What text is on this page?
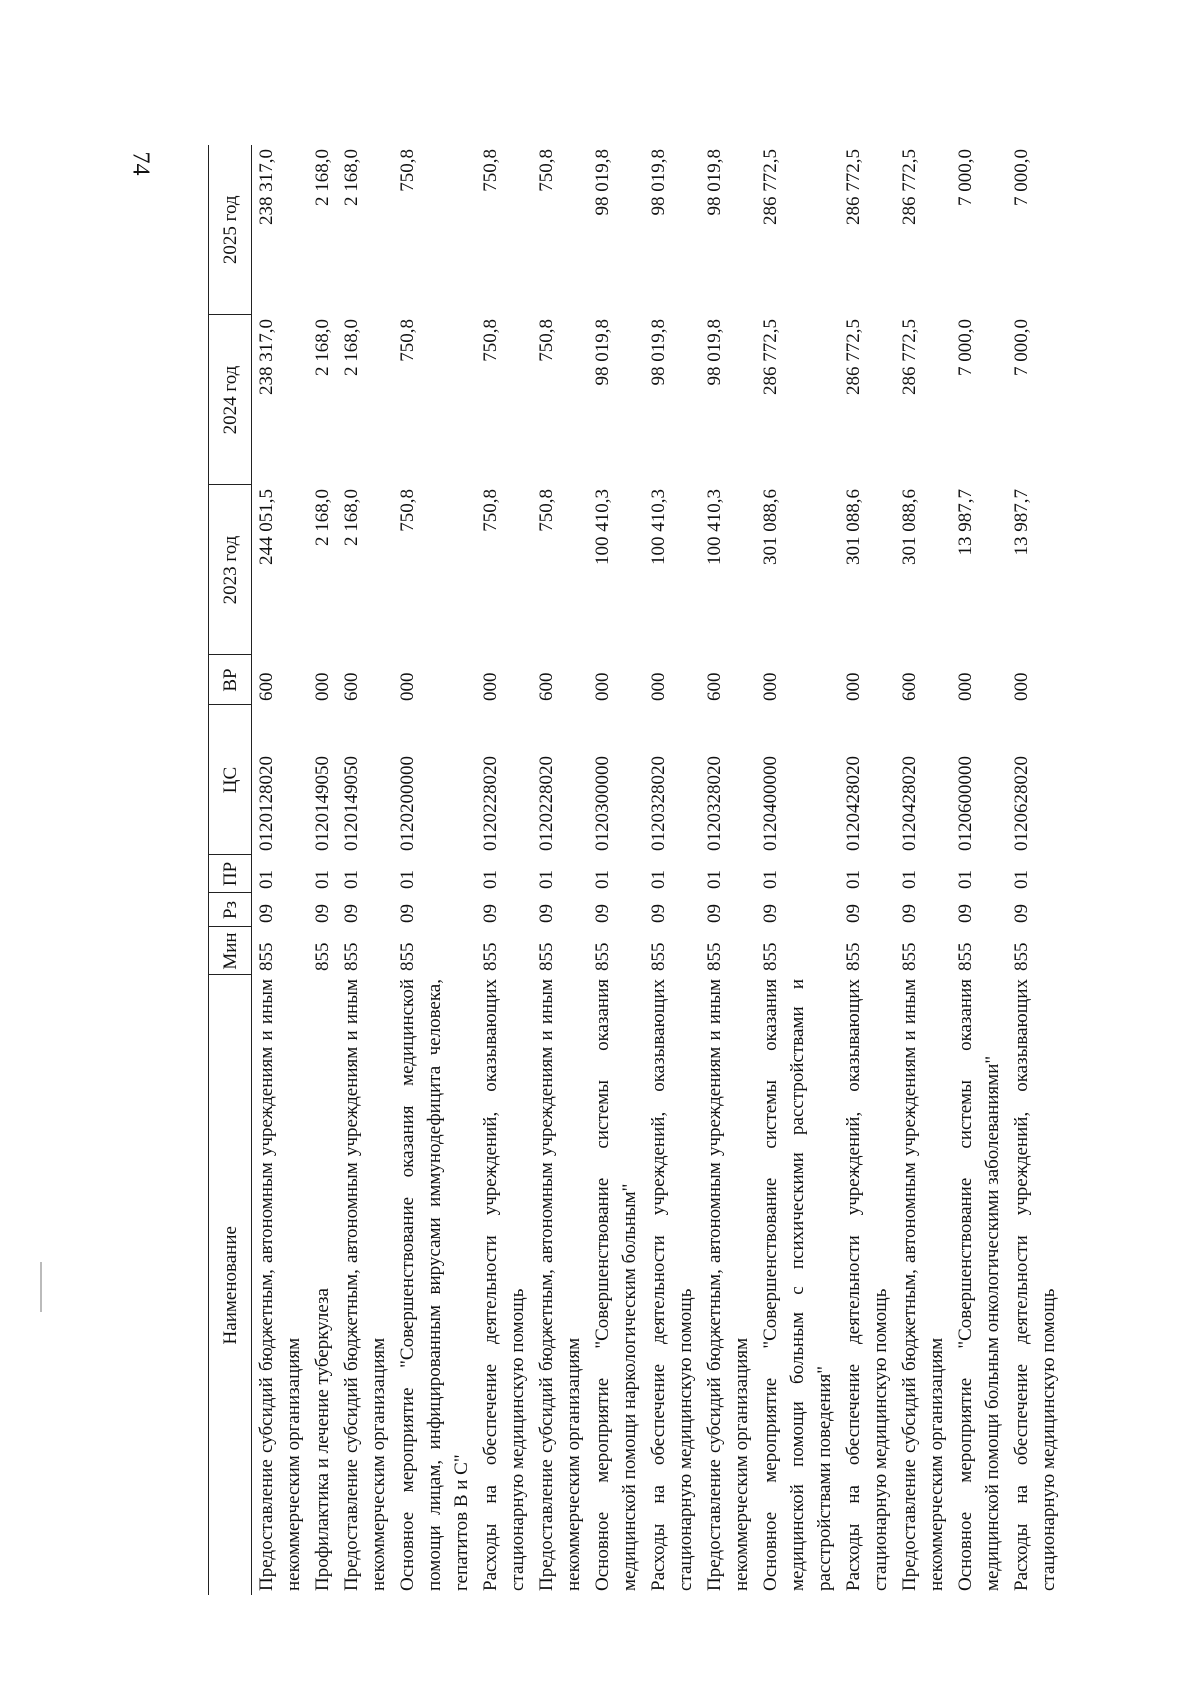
74
Наименование	Мин	Рз	ПР	ЦС	ВР	2023 год	2024 год	2025 год
Предоставление субсидий бюджетным, автономным учреждениям и иным некоммерческим организациям	855	09	01	0120128020	600	244 051,5	238 317,0	238 317,0
Профилактика и лечение туберкулеза	855	09	01	0120149050	000	2 168,0	2 168,0	2 168,0
Предоставление субсидий бюджетным, автономным учреждениям и иным некоммерческим организациям	855	09	01	0120149050	600	2 168,0	2 168,0	2 168,0
Основное мероприятие "Совершенствование оказания медицинской помощи лицам, инфицированным вирусами иммунодефицита человека, гепатитов В и С"	855	09	01	0120200000	000	750,8	750,8	750,8
Расходы на обеспечение деятельности учреждений, оказывающих стационарную медицинскую помощь	855	09	01	0120228020	000	750,8	750,8	750,8
Предоставление субсидий бюджетным, автономным учреждениям и иным некоммерческим организациям	855	09	01	0120228020	600	750,8	750,8	750,8
Основное мероприятие "Совершенствование системы оказания медицинской помощи наркологическим больным"	855	09	01	0120300000	000	100 410,3	98 019,8	98 019,8
Расходы на обеспечение деятельности учреждений, оказывающих стационарную медицинскую помощь	855	09	01	0120328020	000	100 410,3	98 019,8	98 019,8
Предоставление субсидий бюджетным, автономным учреждениям и иным некоммерческим организациям	855	09	01	0120328020	600	100 410,3	98 019,8	98 019,8
Основное мероприятие "Совершенствование системы оказания медицинской помощи больным с психическими расстройствами и расстройствами поведения"	855	09	01	0120400000	000	301 088,6	286 772,5	286 772,5
Расходы на обеспечение деятельности учреждений, оказывающих стационарную медицинскую помощь	855	09	01	0120428020	000	301 088,6	286 772,5	286 772,5
Предоставление субсидий бюджетным, автономным учреждениям и иным некоммерческим организациям	855	09	01	0120428020	600	301 088,6	286 772,5	286 772,5
Основное мероприятие "Совершенствование системы оказания медицинской помощи больным онкологическими заболеваниями"	855	09	01	0120600000	000	13 987,7	7 000,0	7 000,0
Расходы на обеспечение деятельности учреждений, оказывающих стационарную медицинскую помощь	855	09	01	0120628020	000	13 987,7	7 000,0	7 000,0
